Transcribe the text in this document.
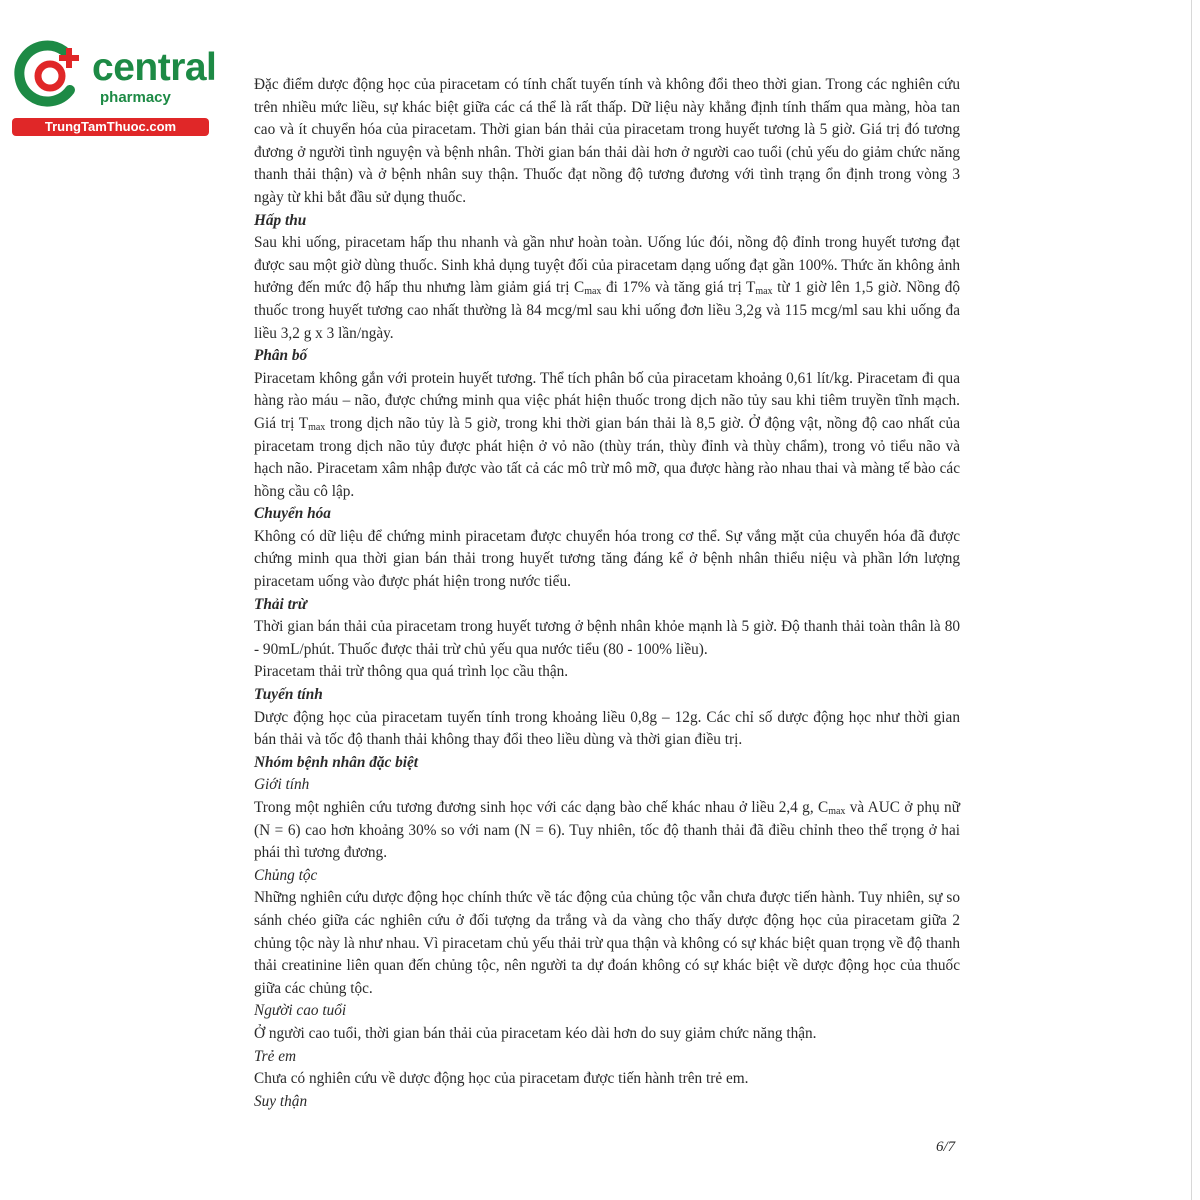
central
pharmacy
TrungTamThuoc.com

Đặc điểm dược động học của piracetam có tính chất tuyến tính và không đổi theo thời gian. Trong các nghiên cứu trên nhiều mức liều, sự khác biệt giữa các cá thể là rất thấp. Dữ liệu này khẳng định tính thấm qua màng, hòa tan cao và ít chuyển hóa của piracetam. Thời gian bán thải của piracetam trong huyết tương là 5 giờ. Giá trị đó tương đương ở người tình nguyện và bệnh nhân. Thời gian bán thải dài hơn ở người cao tuổi (chủ yếu do giảm chức năng thanh thải thận) và ở bệnh nhân suy thận. Thuốc đạt nồng độ tương đương với tình trạng ổn định trong vòng 3 ngày từ khi bắt đầu sử dụng thuốc.

Hấp thu

Sau khi uống, piracetam hấp thu nhanh và gần như hoàn toàn. Uống lúc đói, nồng độ đỉnh trong huyết tương đạt được sau một giờ dùng thuốc. Sinh khả dụng tuyệt đối của piracetam dạng uống đạt gần 100%. Thức ăn không ảnh hưởng đến mức độ hấp thu nhưng làm giảm giá trị $C_{max}$ đi 17% và tăng giá trị $T_{max}$ từ 1 giờ lên 1,5 giờ. Nồng độ thuốc trong huyết tương cao nhất thường là 84 mcg/ml sau khi uống đơn liều 3,2g và 115 mcg/ml sau khi uống đa liều 3,2 g x 3 lần/ngày.

Phân bố

Piracetam không gắn với protein huyết tương. Thể tích phân bố của piracetam khoảng 0,61 lít/kg. Piracetam đi qua hàng rào máu – não, được chứng minh qua việc phát hiện thuốc trong dịch não tủy sau khi tiêm truyền tĩnh mạch. Giá trị $T_{max}$ trong dịch não tủy là 5 giờ, trong khi thời gian bán thải là 8,5 giờ. Ở động vật, nồng độ cao nhất của piracetam trong dịch não tủy được phát hiện ở vỏ não (thùy trán, thùy đỉnh và thùy chẩm), trong vỏ tiểu não và hạch não. Piracetam xâm nhập được vào tất cả các mô trừ mô mỡ, qua được hàng rào nhau thai và màng tế bào các hồng cầu cô lập.

Chuyển hóa

Không có dữ liệu để chứng minh piracetam được chuyển hóa trong cơ thể. Sự vắng mặt của chuyển hóa đã được chứng minh qua thời gian bán thải trong huyết tương tăng đáng kể ở bệnh nhân thiểu niệu và phần lớn lượng piracetam uống vào được phát hiện trong nước tiểu.

Thải trừ

Thời gian bán thải của piracetam trong huyết tương ở bệnh nhân khỏe mạnh là 5 giờ. Độ thanh thải toàn thân là 80 - 90mL/phút. Thuốc được thải trừ chủ yếu qua nước tiểu (80 - 100% liều).

Piracetam thải trừ thông qua quá trình lọc cầu thận.

Tuyến tính

Dược động học của piracetam tuyến tính trong khoảng liều 0,8g – 12g. Các chỉ số dược động học như thời gian bán thải và tốc độ thanh thải không thay đổi theo liều dùng và thời gian điều trị.

Nhóm bệnh nhân đặc biệt
Giới tính

Trong một nghiên cứu tương đương sinh học với các dạng bào chế khác nhau ở liều 2,4 g, $C_{max}$ và AUC ở phụ nữ (N = 6) cao hơn khoảng 30% so với nam (N = 6). Tuy nhiên, tốc độ thanh thải đã điều chỉnh theo thể trọng ở hai phái thì tương đương.

Chủng tộc

Những nghiên cứu dược động học chính thức về tác động của chủng tộc vẫn chưa được tiến hành. Tuy nhiên, sự so sánh chéo giữa các nghiên cứu ở đối tượng da trắng và da vàng cho thấy dược động học của piracetam giữa 2 chủng tộc này là như nhau. Vì piracetam chủ yếu thải trừ qua thận và không có sự khác biệt quan trọng về độ thanh thải creatinine liên quan đến chủng tộc, nên người ta dự đoán không có sự khác biệt về dược động học của thuốc giữa các chủng tộc.

Người cao tuổi

Ở người cao tuổi, thời gian bán thải của piracetam kéo dài hơn do suy giảm chức năng thận.

Trẻ em

Chưa có nghiên cứu về dược động học của piracetam được tiến hành trên trẻ em.

Suy thận
6/7
